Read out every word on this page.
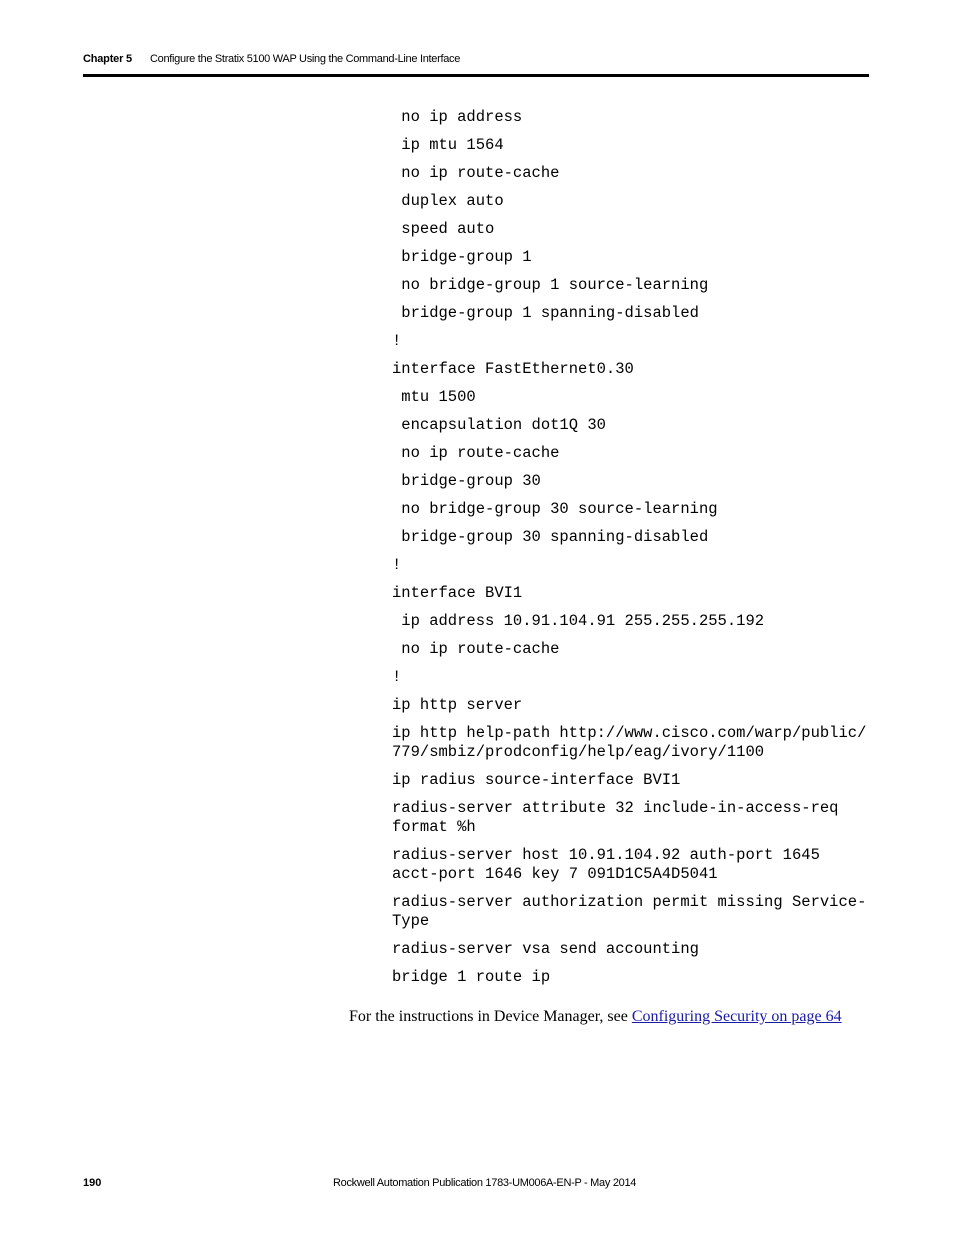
Chapter 5 Configure the Stratix 5100 WAP Using the Command-Line Interface
no ip address
ip mtu 1564
no ip route-cache
duplex auto
speed auto
bridge-group 1
no bridge-group 1 source-learning
bridge-group 1 spanning-disabled
!
interface FastEthernet0.30
mtu 1500
encapsulation dot1Q 30
no ip route-cache
bridge-group 30
no bridge-group 30 source-learning
bridge-group 30 spanning-disabled
!
interface BVI1
ip address 10.91.104.91 255.255.255.192
no ip route-cache
!
ip http server
ip http help-path http://www.cisco.com/warp/public/
779/smbiz/prodconfig/help/eag/ivory/1100
ip radius source-interface BVI1
radius-server attribute 32 include-in-access-req
format %h
radius-server host 10.91.104.92 auth-port 1645
acct-port 1646 key 7 091D1C5A4D5041
radius-server authorization permit missing Service-
Type
radius-server vsa send accounting
bridge 1 route ip
For the instructions in Device Manager, see Configuring Security on page 64
190	Rockwell Automation Publication 1783-UM006A-EN-P - May 2014
